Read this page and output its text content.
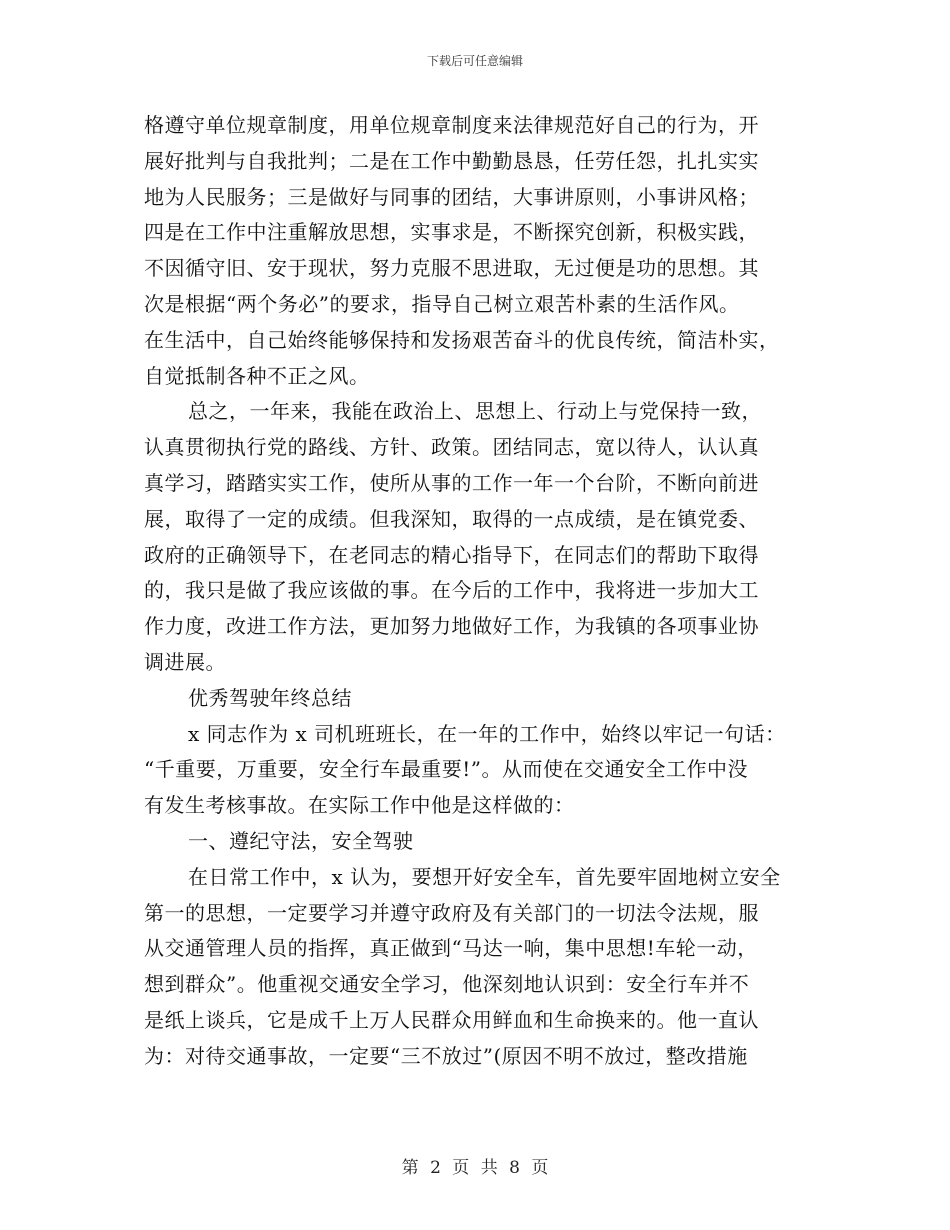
下载后可任意编辑
格遵守单位规章制度，用单位规章制度来法律规范好自己的行为，开
展好批判与自我批判；二是在工作中勤勤恳恳，任劳任怨，扎扎实实
地为人民服务；三是做好与同事的团结，大事讲原则，小事讲风格；
四是在工作中注重解放思想，实事求是，不断探究创新，积极实践，
不因循守旧、安于现状，努力克服不思进取，无过便是功的思想。其
次是根据“两个务必”的要求，指导自己树立艰苦朴素的生活作风。
在生活中，自己始终能够保持和发扬艰苦奋斗的优良传统，简洁朴实，
自觉抵制各种不正之风。
总之，一年来，我能在政治上、思想上、行动上与党保持一致，
认真贯彻执行党的路线、方针、政策。团结同志，宽以待人，认认真
真学习，踏踏实实工作，使所从事的工作一年一个台阶，不断向前进
展，取得了一定的成绩。但我深知，取得的一点成绩，是在镇党委、
政府的正确领导下，在老同志的精心指导下，在同志们的帮助下取得
的，我只是做了我应该做的事。在今后的工作中，我将进一步加大工
作力度，改进工作方法，更加努力地做好工作，为我镇的各项事业协
调进展。
优秀驾驶年终总结
x 同志作为 x 司机班班长，在一年的工作中，始终以牢记一句话：
“千重要，万重要，安全行车最重要!”。从而使在交通安全工作中没
有发生考核事故。在实际工作中他是这样做的：
一、遵纪守法，安全驾驶
在日常工作中，x 认为，要想开好安全车，首先要牢固地树立安全
第一的思想，一定要学习并遵守政府及有关部门的一切法令法规，服
从交通管理人员的指挥，真正做到“马达一响，集中思想!车轮一动，
想到群众”。他重视交通安全学习，他深刻地认识到：安全行车并不
是纸上谈兵，它是成千上万人民群众用鲜血和生命换来的。他一直认
为：对待交通事故，一定要“三不放过”(原因不明不放过，整改措施
第 2 页 共 8 页
